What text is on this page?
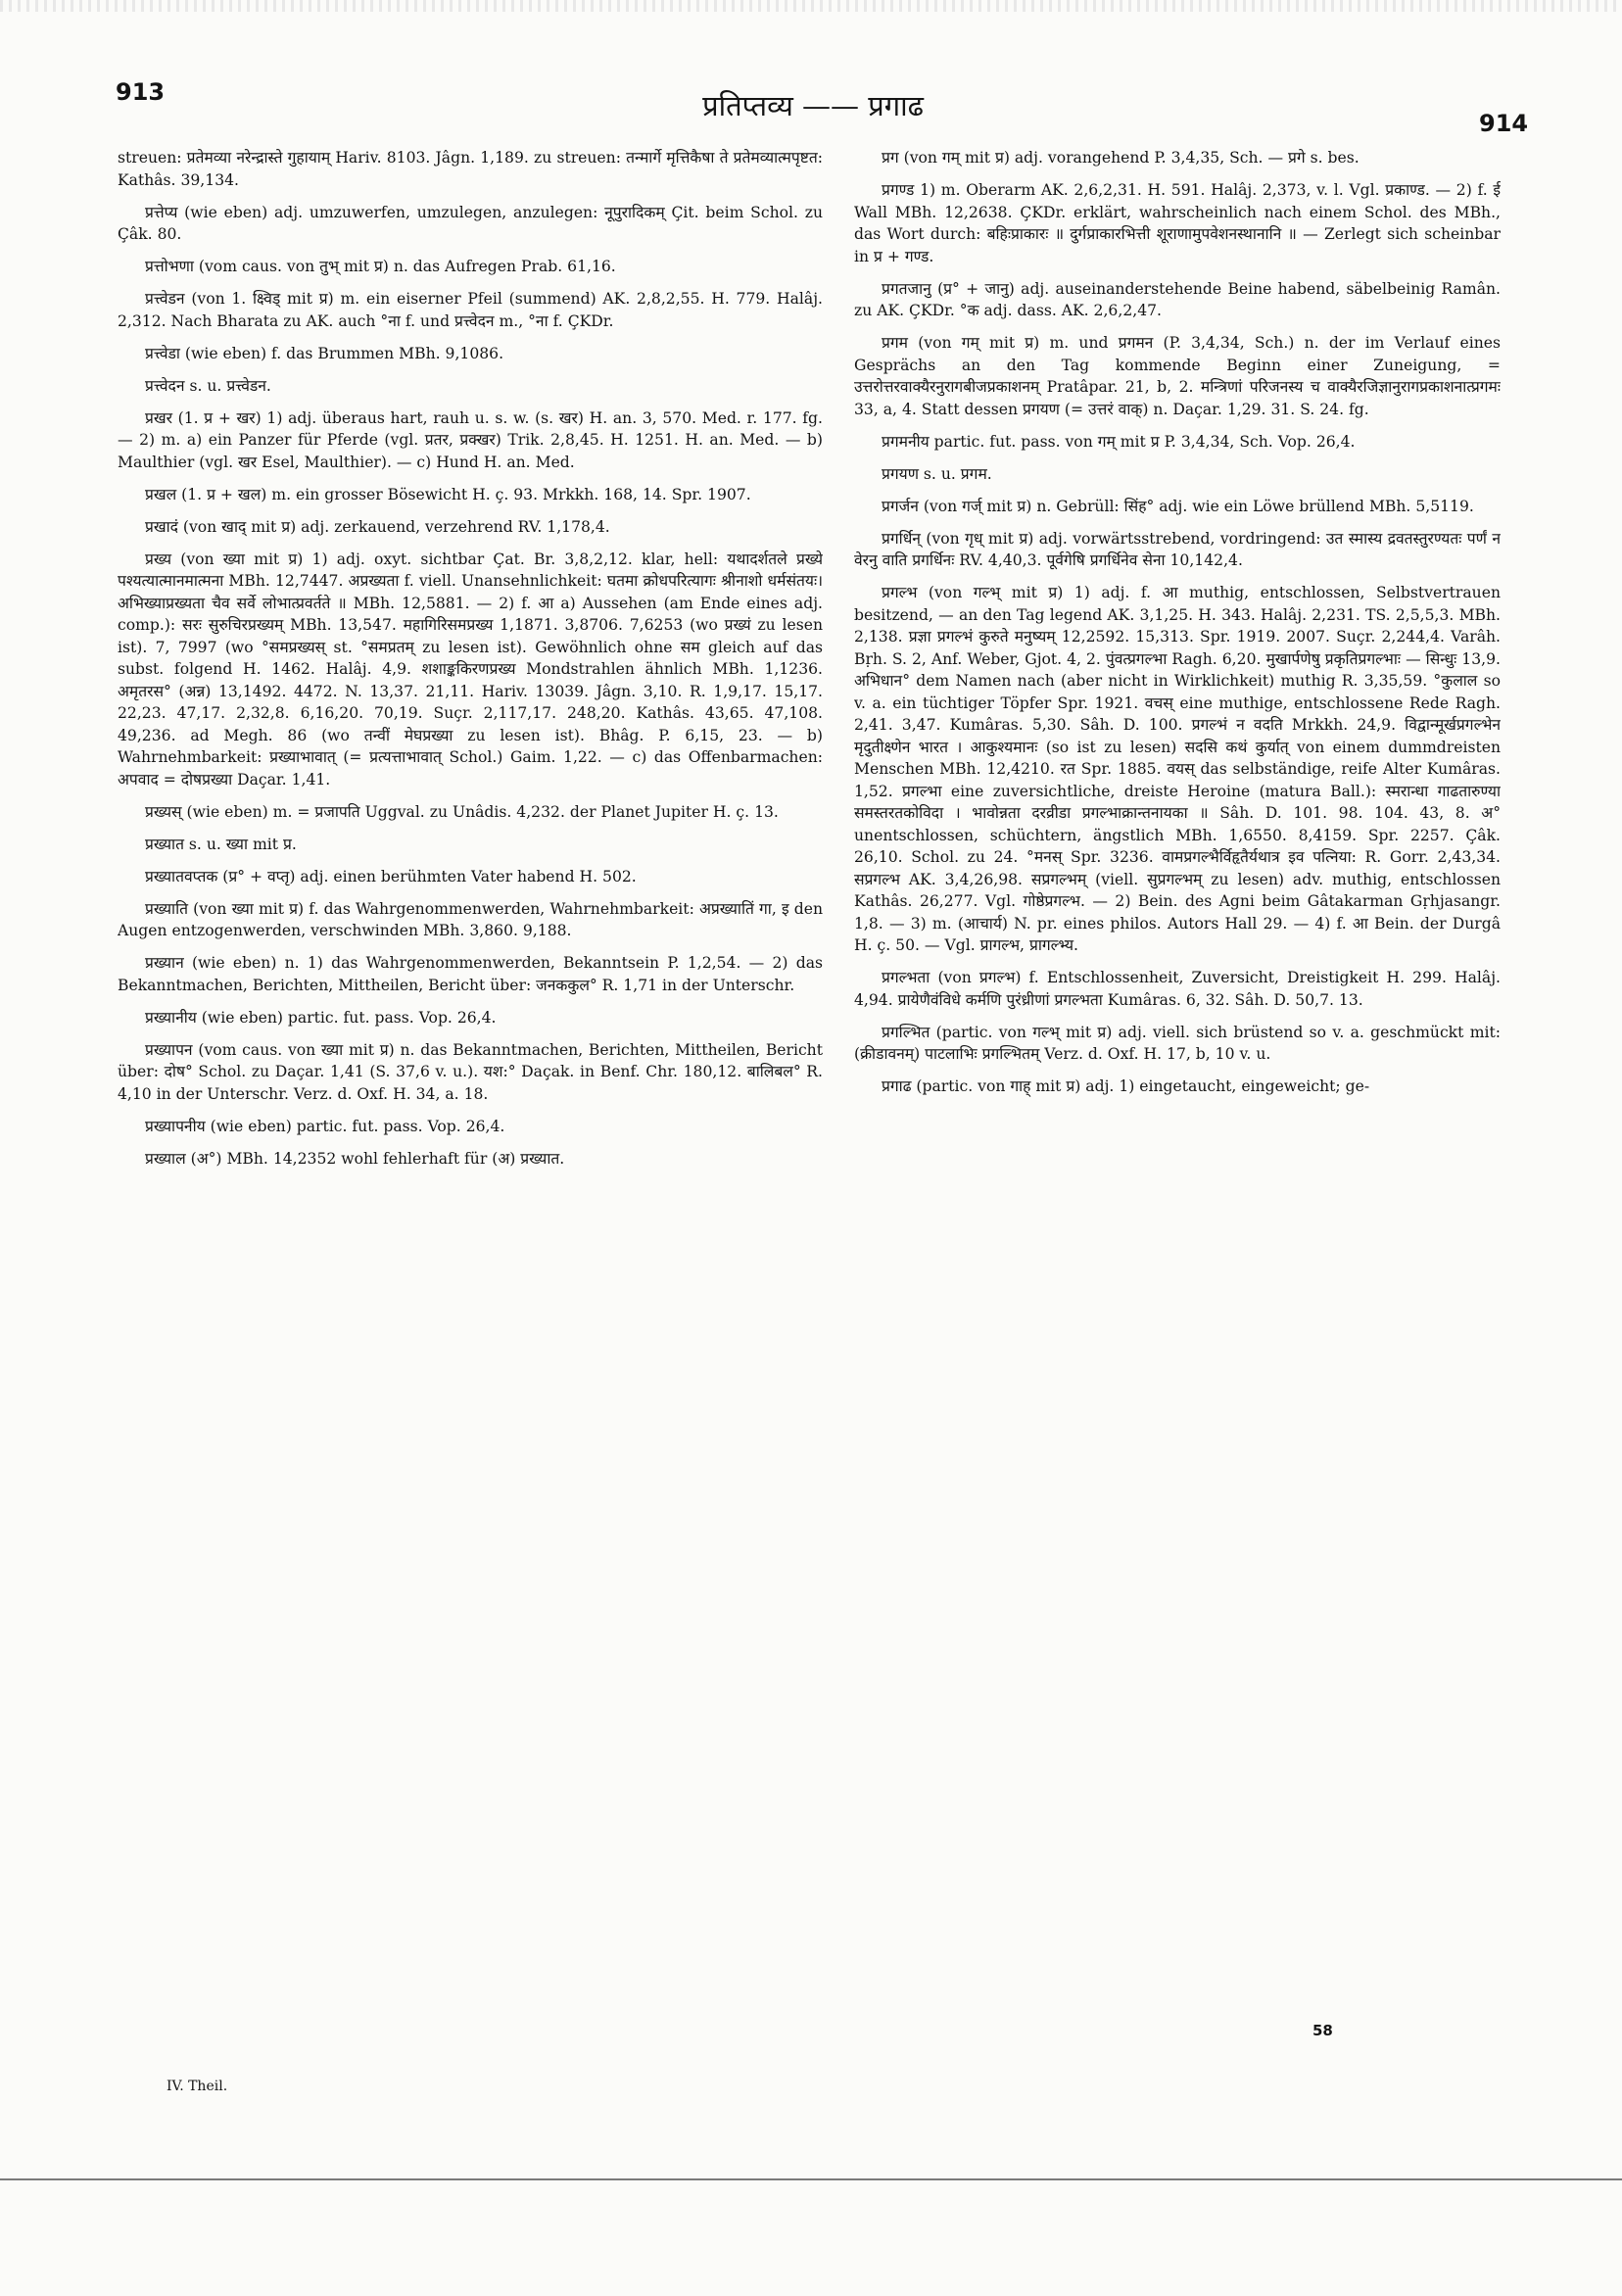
913	प्रतिप्तव्य —— प्रगाढ
914

streuen: प्रतेमव्या नरेन्द्रास्ते गुहायाम् Hariv. 8103. Jâgn. 1,189. zu streuen: तन्मार्गे मृत्तिकैषा ते प्रतेमव्यात्मपृष्टत: Kathâs. 39,134.

प्रत्तेप्य (wie eben) adj. umzuwerfen, umzulegen, anzulegen: नूपुरादिकम् Çit. beim Schol. zu Çâk. 80.

प्रत्तोभणा (vom caus. von तुभ् mit प्र) n. das Aufregen Prab. 61,16.

प्रत्त्वेडन (von 1. क्ष्विड् mit प्र) m. ein eiserner Pfeil (summend) AK. 2,8,2,55. H. 779. Halâj. 2,312. Nach Bharata zu AK. auch °ना f. und प्रत्त्वेदन m., °ना f. ÇKDr.

प्रत्त्वेडा (wie eben) f. das Brummen MBh. 9,1086.

प्रत्त्वेदन s. u. प्रत्त्वेडन.

प्रखर (1. प्र + खर) 1) adj. überaus hart, rauh u. s. w. (s. खर) H. an. 3, 570. Med. r. 177. fg. — 2) m. a) ein Panzer für Pferde (vgl. प्रतर, प्रक्खर) Trik. 2,8,45. H. 1251. H. an. Med. — b) Maulthier (vgl. खर Esel, Maulthier). — c) Hund H. an. Med.

प्रखल (1. प्र + खल) m. ein grosser Bösewicht H. ç. 93. Mrkkh. 168, 14. Spr. 1907.

प्रखादं (von खाद् mit प्र) adj. zerkauend, verzehrend RV. 1,178,4.

प्रख्य (von ख्या mit प्र) 1) adj. oxyt. sichtbar Çat. Br. 3,8,2,12. klar, hell: यथादर्शतले प्रख्ये पश्यत्यात्मानमात्मना MBh. 12,7447. अप्रख्यता f. viell. Unansehnlichkeit: घतमा क्रोधपरित्यागः श्रीनाशो धर्मसंतयः। अभिख्याप्रख्यता चैव सर्वे लोभात्प्रवर्तते ॥ MBh. 12,5881. — 2) f. आ a) Aussehen (am Ende eines adj. comp.): सरः सुरुचिरप्रख्यम् MBh. 13,547. महागिरिसमप्रख्य 1,1871. 3,8706. 7,6253 (wo प्रख्यं zu lesen ist). 7, 7997 (wo °समप्रख्यस् st. °समप्रतम् zu lesen ist). Gewöhnlich ohne सम gleich auf das subst. folgend H. 1462. Halâj. 4,9. शशाङ्ककिरणप्रख्य Mondstrahlen ähnlich MBh. 1,1236. अमृतरस° (अन्न) 13,1492. 4472. N. 13,37. 21,11. Hariv. 13039. Jâgn. 3,10. R. 1,9,17. 15,17. 22,23. 47,17. 2,32,8. 6,16,20. 70,19. Suçr. 2,117,17. 248,20. Kathâs. 43,65. 47,108. 49,236. ad Megh. 86 (wo तन्वीं मेघप्रख्या zu lesen ist). Bhâg. P. 6,15, 23. — b) Wahrnehmbarkeit: प्रख्याभावात् (= प्रत्यत्ताभावात् Schol.) Gaim. 1,22. — c) das Offenbarmachen: अपवाद = दोषप्रख्या Daçar. 1,41.

प्रख्यस् (wie eben) m. = प्रजापति Uggval. zu Unâdis. 4,232. der Planet Jupiter H. ç. 13.

प्रख्यात s. u. ख्या mit प्र.

प्रख्यातवप्तक (प्र° + वप्तृ) adj. einen berühmten Vater habend H. 502.

प्रख्याति (von ख्या mit प्र) f. das Wahrgenommenwerden, Wahrnehmbarkeit: अप्रख्यातिं गा, इ den Augen entzogenwerden, verschwinden MBh. 3,860. 9,188.

प्रख्यान (wie eben) n. 1) das Wahrgenommenwerden, Bekanntsein P. 1,2,54. — 2) das Bekanntmachen, Berichten, Mittheilen, Bericht über: जनककुल° R. 1,71 in der Unterschr.

प्रख्यानीय (wie eben) partic. fut. pass. Vop. 26,4.

प्रख्यापन (vom caus. von ख्या mit प्र) n. das Bekanntmachen, Berichten, Mittheilen, Bericht über: दोष° Schol. zu Daçar. 1,41 (S. 37,6 v. u.). यश:° Daçak. in Benf. Chr. 180,12. बालिबल° R. 4,10 in der Unterschr. Verz. d. Oxf. H. 34, a. 18.

प्रख्यापनीय (wie eben) partic. fut. pass. Vop. 26,4.

प्रख्याल (अ°) MBh. 14,2352 wohl fehlerhaft für (अ) प्रख्यात.

प्रग (von गम् mit प्र) adj. vorangehend P. 3,4,35, Sch. — प्रगे s. bes.

प्रगण्ड 1) m. Oberarm AK. 2,6,2,31. H. 591. Halâj. 2,373, v. l. Vgl. प्रकाण्ड. — 2) f. ई Wall MBh. 12,2638. ÇKDr. erklärt, wahrscheinlich nach einem Schol. des MBh., das Wort durch: बहिःप्राकारः ॥ दुर्गप्राकारभित्ती शूराणामुपवेशनस्थानानि ॥ — Zerlegt sich scheinbar in प्र + गण्ड.

प्रगतजानु (प्र° + जानु) adj. auseinanderstehende Beine habend, säbelbeinig Ramân. zu AK. ÇKDr. °क adj. dass. AK. 2,6,2,47.

प्रगम (von गम् mit प्र) m. und प्रगमन (P. 3,4,34, Sch.) n. der im Verlauf eines Gesprächs an den Tag kommende Beginn einer Zuneigung, = उत्तरोत्तरवाक्यैरनुरागबीजप्रकाशनम् Pratâpar. 21, b, 2. मन्त्रिणां परिजनस्य च वाक्यैरजिज्ञानुरागप्रकाशनात्प्रगमः 33, a, 4. Statt dessen प्रगयण (= उत्तरं वाक्) n. Daçar. 1,29. 31. S. 24. fg.

प्रगमनीय partic. fut. pass. von गम् mit प्र P. 3,4,34, Sch. Vop. 26,4.

प्रगयण s. u. प्रगम.

प्रगर्जन (von गर्ज् mit प्र) n. Gebrüll: सिंह° adj. wie ein Löwe brüllend MBh. 5,5119.

प्रगर्धिन् (von गृध् mit प्र) adj. vorwärtsstrebend, vordringend: उत स्मास्य द्रवतस्तुरण्यतः पर्णं न वेरनु वाति प्रगर्धिनः RV. 4,40,3. पूर्वगेषि प्रगर्धिनेव सेना 10,142,4.

प्रगल्भ (von गल्भ् mit प्र) 1) adj. f. आ muthig, entschlossen, Selbstvertrauen besitzend, — an den Tag legend AK. 3,1,25. H. 343. Halâj. 2,231. TS. 2,5,5,3. MBh. 2,138. प्रज्ञा प्रगल्भं कुरुते मनुष्यम् 12,2592. 15,313. Spr. 1919. 2007. Suçr. 2,244,4. Varâh. Bṛh. S. 2, Anf. Weber, Gjot. 4, 2. पुंवत्प्रगल्भा Ragh. 6,20. मुखार्पणेषु प्रकृतिप्रगल्भाः — सिन्धुः 13,9. अभिधान° dem Namen nach (aber nicht in Wirklichkeit) muthig R. 3,35,59. °कुलाल so v. a. ein tüchtiger Töpfer Spr. 1921. वचस् eine muthige, entschlossene Rede Ragh. 2,41. 3,47. Kumâras. 5,30. Sâh. D. 100. प्रगल्भं न वदति Mrkkh. 24,9. विद्वान्मूर्खप्रगल्भेन मृदुतीक्ष्णेन भारत । आकुश्यमानः (so ist zu lesen) सदसि कथं कुर्यात् von einem dummdreisten Menschen MBh. 12,4210. रत Spr. 1885. वयस् das selbständige, reife Alter Kumâras. 1,52. प्रगल्भा eine zuversichtliche, dreiste Heroine (matura Ball.): स्मरान्धा गाढतारुण्या समस्तरतकोविदा । भावोन्नता दरव्रीडा प्रगल्भाक्रान्तनायका ॥ Sâh. D. 101. 98. 104. 43, 8. अ° unentschlossen, schüchtern, ängstlich MBh. 1,6550. 8,4159. Spr. 2257. Çâk. 26,10. Schol. zu 24. °मनस् Spr. 3236. वामप्रगल्भैर्विहृतैर्यथात्र इव पत्निया: R. Gorr. 2,43,34. सप्रगल्भ AK. 3,4,26,98. सप्रगल्भम् (viell. सुप्रगल्भम् zu lesen) adv. muthig, entschlossen Kathâs. 26,277. Vgl. गोष्ठेप्रगल्भ. — 2) Bein. des Agni beim Gâtakarman Gṛhjasangr. 1,8. — 3) m. (आचार्य) N. pr. eines philos. Autors Hall 29. — 4) f. आ Bein. der Durgâ H. ç. 50. — Vgl. प्रागल्भ, प्रागल्भ्य.

प्रगल्भता (von प्रगल्भ) f. Entschlossenheit, Zuversicht, Dreistigkeit H. 299. Halâj. 4,94. प्रायेणैवंविधे कर्मणि पुरंध्रीणां प्रगल्भता Kumâras. 6, 32. Sâh. D. 50,7. 13.

प्रगल्भित (partic. von गल्भ् mit प्र) adj. viell. sich brüstend so v. a. geschmückt mit: (क्रीडावनम्) पाटलाभिः प्रगल्भितम् Verz. d. Oxf. H. 17, b, 10 v. u.

प्रगाढ (partic. von गाह् mit प्र) adj. 1) eingetaucht, eingeweicht; ge-

IV. Theil.
58
